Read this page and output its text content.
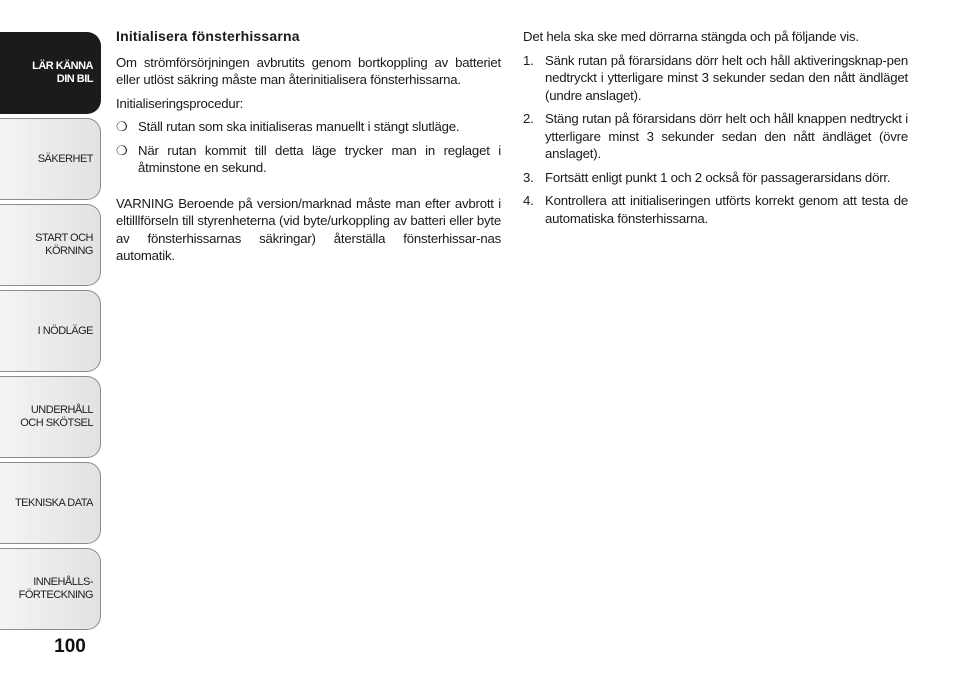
LÄR KÄNNA
DIN BIL
SÄKERHET
START OCH
KÖRNING
I NÖDLÄGE
UNDERHÅLL
OCH SKÖTSEL
TEKNISKA DATA
INNEHÅLLS-
FÖRTECKNING
100

Initialisera fönsterhissarna

Om strömförsörjningen avbrutits genom bortkoppling av batteriet eller utlöst säkring måste man återinitialisera fönsterhissarna.

Initialiseringsprocedur:

❍ Ställ rutan som ska initialiseras manuellt i stängt slutläge.

❍ När rutan kommit till detta läge trycker man in reglaget i åtminstone en sekund.

VARNING Beroende på version/marknad måste man efter avbrott i eltilllförseln till styrenheterna (vid byte/urkoppling av batteri eller byte av fönsterhissarnas säkringar) återställa fönsterhissar-nas automatik.

Det hela ska ske med dörrarna stängda och på följande vis.

1. Sänk rutan på förarsidans dörr helt och håll aktiveringsknap-pen nedtryckt i ytterligare minst 3 sekunder sedan den nått ändläget (undre anslaget).

2. Stäng rutan på förarsidans dörr helt och håll knappen nedtryckt i ytterligare minst 3 sekunder sedan den nått ändläget (övre anslaget).

3. Fortsätt enligt punkt 1 och 2 också för passagerarsidans dörr.

4. Kontrollera att initialiseringen utförts korrekt genom att testa de automatiska fönsterhissarna.
